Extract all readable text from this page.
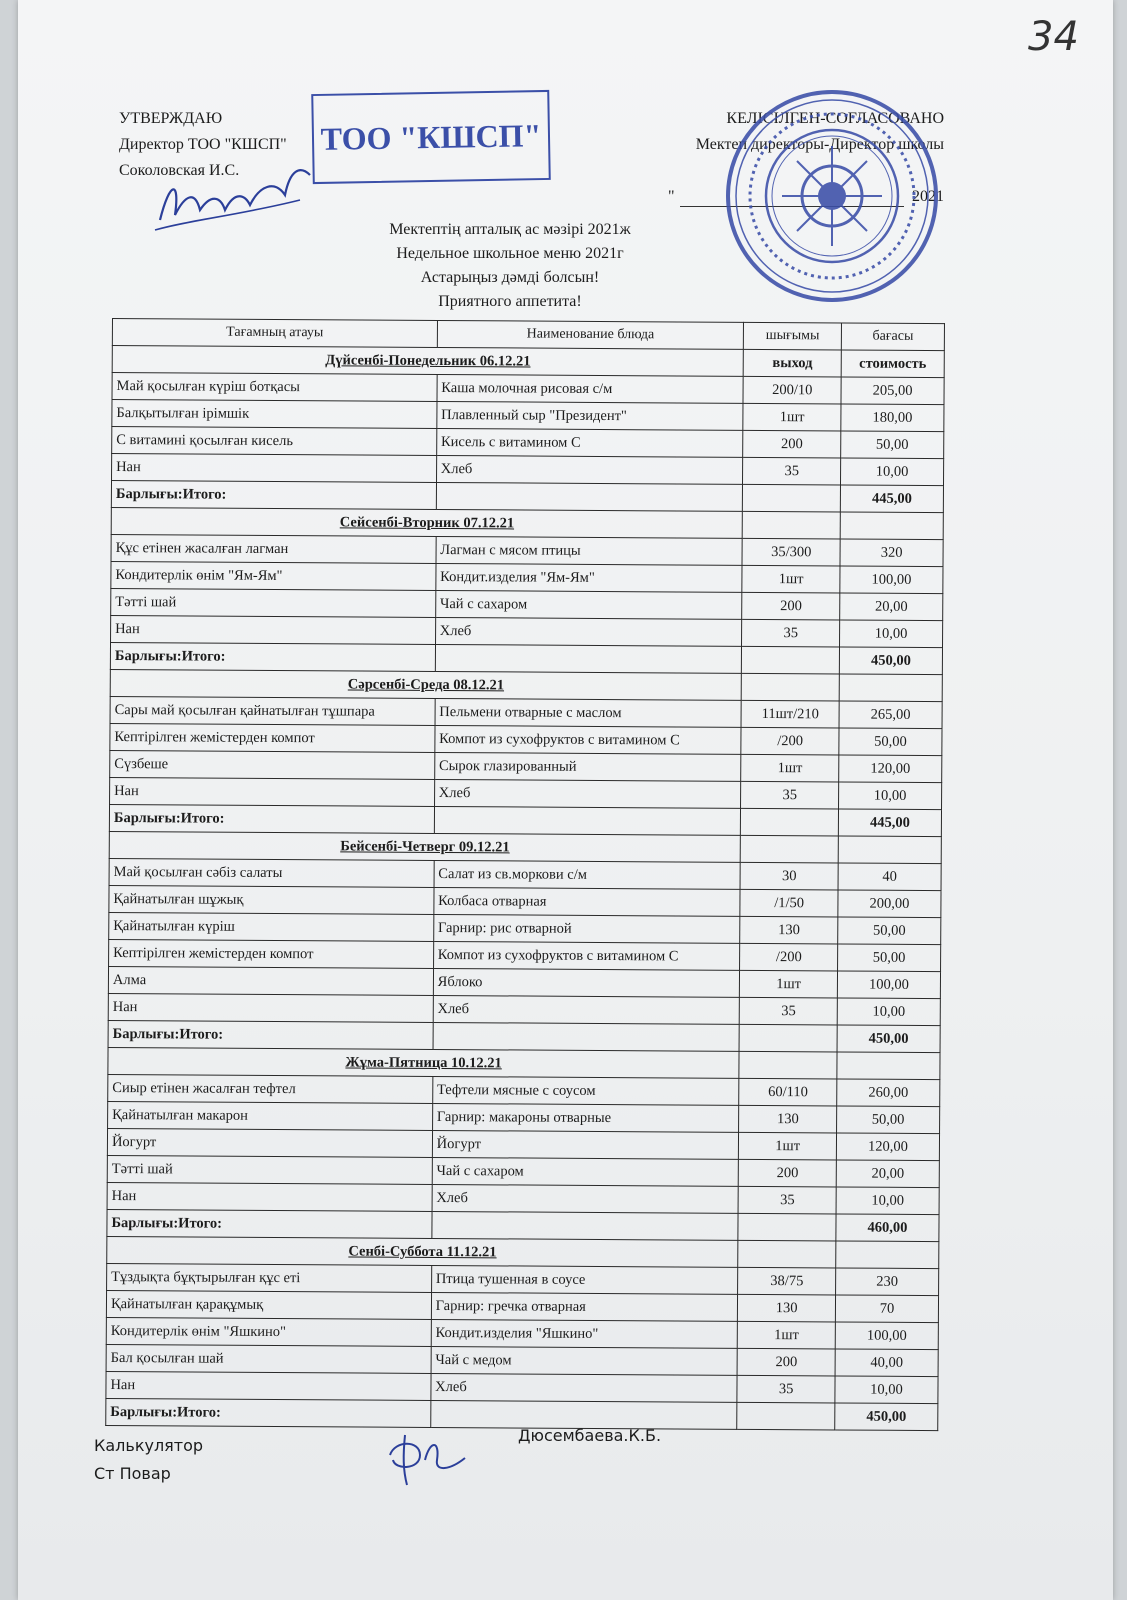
34
УТВЕРЖДАЮ
Директор ТОО "КШСП"
Соколовская И.С.
ТОО "КШСП"	КЕЛІСІЛГЕН-СОГЛАСОВАНО
Мектеп директоры-Директор школы
"	2021
Мектептің апталық ас мәзірі 2021ж
Недельное школьное меню 2021г
Астарыңыз дәмді болсын!
Приятного аппетита!
Тағамның атауы	Наименование блюда	шығымы	бағасы
Дүйсенбі-Понедельник 06.12.21		выход	стоимость
Май қосылған күріш ботқасы	Каша молочная рисовая с/м	200/10	205,00
Балқытылған ірімшік	Плавленный сыр "Президент"	1шт	180,00
С витамині қосылған кисель	Кисель с витамином С	200	50,00
Нан	Хлеб	35	10,00
Барлығы:Итого:			445,00
Сейсенбі-Вторник 07.12.21			
Құс етінен жасалған лагман	Лагман с мясом птицы	35/300	320
Кондитерлік өнім "Ям-Ям"	Кондит.изделия "Ям-Ям"	1шт	100,00
Тәтті шай	Чай с сахаром	200	20,00
Нан	Хлеб	35	10,00
Барлығы:Итого:			450,00
Сәрсенбі-Среда 08.12.21			
Сары май қосылған қайнатылған тұшпара	Пельмени отварные с маслом	11шт/210	265,00
Кептірілген жемістерден компот	Компот из сухофруктов с витамином С	/200	50,00
Сүзбеше	Сырок глазированный	1шт	120,00
Нан	Хлеб	35	10,00
Барлығы:Итого:			445,00
Бейсенбі-Четверг 09.12.21			
Май қосылған сәбіз салаты	Салат из св.моркови с/м	30	40
Қайнатылған шұжық	Колбаса отварная	/1/50	200,00
Қайнатылған күріш	Гарнир: рис отварной	130	50,00
Кептірілген жемістерден компот	Компот из сухофруктов с витамином С	/200	50,00
Алма	Яблоко	1шт	100,00
Нан	Хлеб	35	10,00
Барлығы:Итого:			450,00
Жұма-Пятница 10.12.21			
Сиыр етінен жасалған тефтел	Тефтели мясные с соусом	60/110	260,00
Қайнатылған макарон	Гарнир: макароны отварные	130	50,00
Йогурт	Йогурт	1шт	120,00
Тәтті шай	Чай с сахаром	200	20,00
Нан	Хлеб	35	10,00
Барлығы:Итого:			460,00
Сенбі-Суббота 11.12.21			
Тұздықта бұқтырылған құс еті	Птица тушенная в соусе	38/75	230
Қайнатылған қарақұмық	Гарнир: гречка отварная	130	70
Кондитерлік өнім "Яшкино"	Кондит.изделия "Яшкино"	1шт	100,00
Бал қосылған шай	Чай с медом	200	40,00
Нан	Хлеб	35	10,00
Барлығы:Итого:			450,00
Калькулятор
Ст Повар
Дюсембаева.К.Б.
